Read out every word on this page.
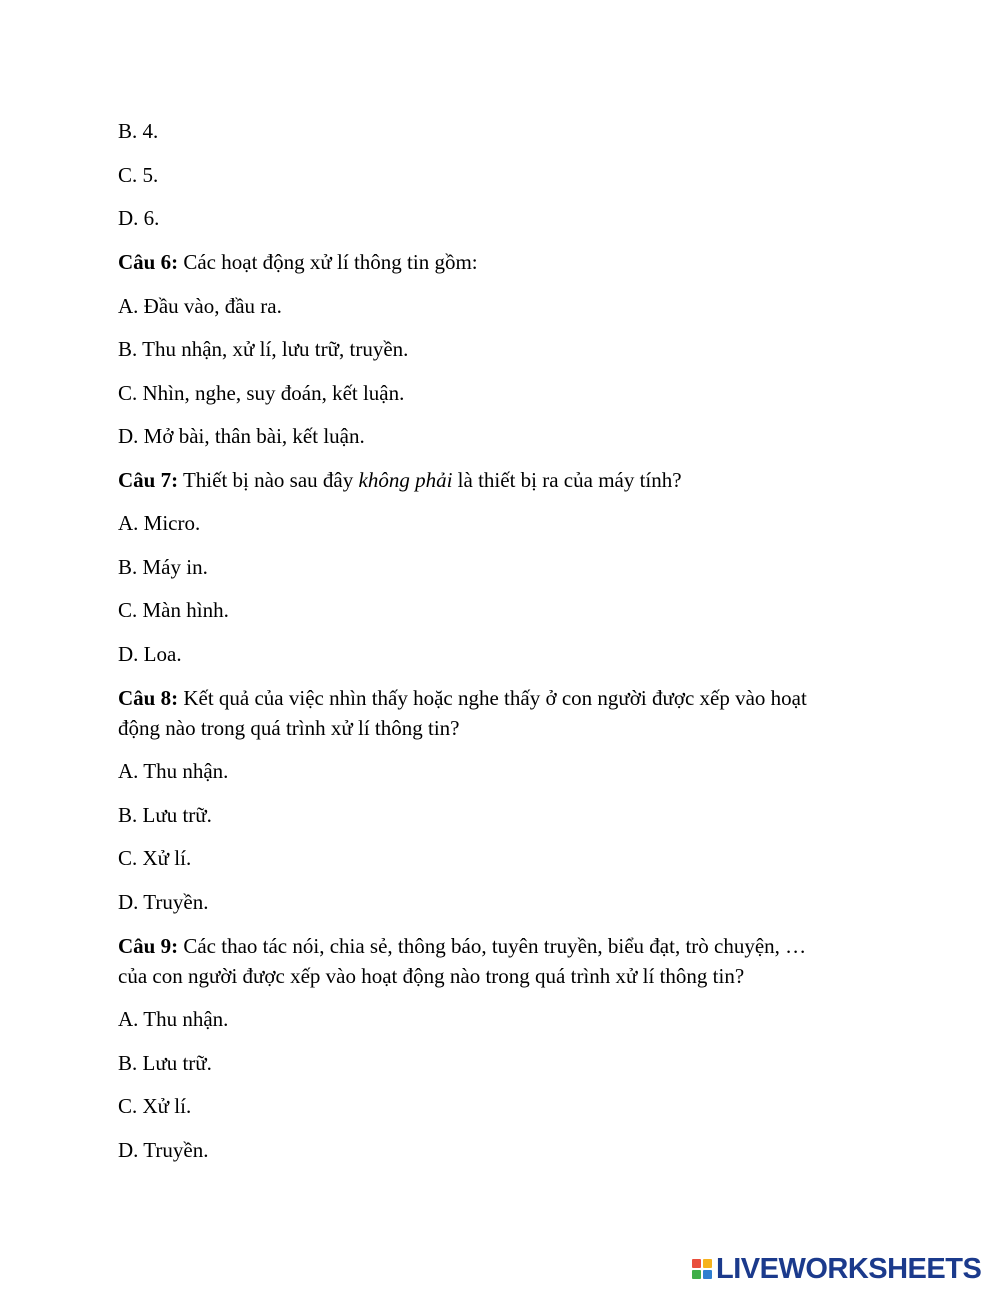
B. 4.
C. 5.
D. 6.
Câu 6: Các hoạt động xử lí thông tin gồm:
A. Đầu vào, đầu ra.
B. Thu nhận, xử lí, lưu trữ, truyền.
C. Nhìn, nghe, suy đoán, kết luận.
D. Mở bài, thân bài, kết luận.
Câu 7: Thiết bị nào sau đây không phải là thiết bị ra của máy tính?
A. Micro.
B. Máy in.
C. Màn hình.
D. Loa.
Câu 8: Kết quả của việc nhìn thấy hoặc nghe thấy ở con người được xếp vào hoạt
động nào trong quá trình xử lí thông tin?
A. Thu nhận.
B. Lưu trữ.
C. Xử lí.
D. Truyền.
Câu 9: Các thao tác nói, chia sẻ, thông báo, tuyên truyền, biểu đạt, trò chuyện, …
của con người được xếp vào hoạt động nào trong quá trình xử lí thông tin?
A. Thu nhận.
B. Lưu trữ.
C. Xử lí.
D. Truyền.
LIVEWORKSHEETS
